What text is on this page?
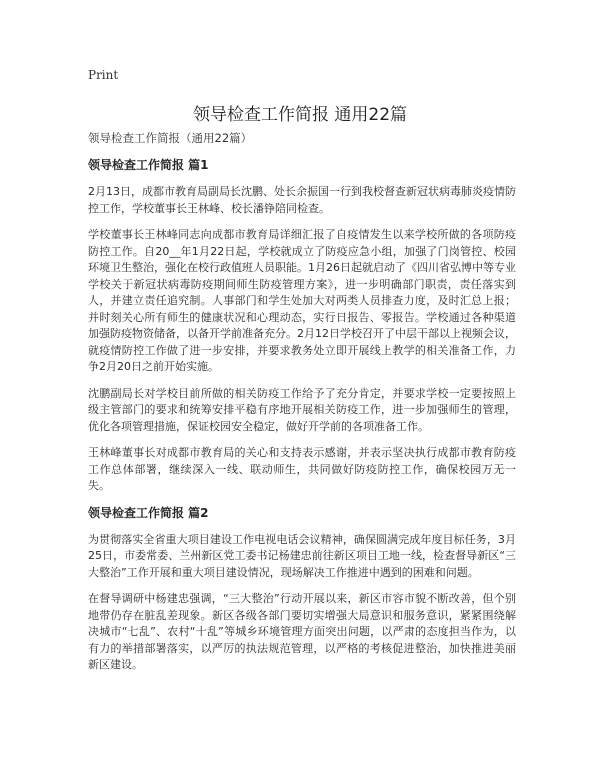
Print
领导检查工作简报 通用22篇

领导检查工作简报（通用22篇）

领导检查工作简报 篇1

2月13日，成都市教育局副局长沈鹏、处长余振国一行到我校督查新冠状病毒肺炎疫情防控工作，学校董事长王林峰、校长潘铮陪同检查。

学校董事长王林峰同志向成都市教育局详细汇报了自疫情发生以来学校所做的各项防疫防控工作。自20__年1月22日起，学校就成立了防疫应急小组，加强了门岗管控、校园环境卫生整治，强化在校行政值班人员职能。1月26日起就启动了《四川省弘博中等专业学校关于新冠状病毒防疫期间师生防疫管理方案》，进一步明确部门职责，责任落实到人，并建立责任追究制。人事部门和学生处加大对两类人员排查力度，及时汇总上报；并时刻关心所有师生的健康状况和心理动态，实行日报告、零报告。学校通过各种渠道加强防疫物资储备，以备开学前准备充分。2月12日学校召开了中层干部以上视频会议，就疫情防控工作做了进一步安排，并要求教务处立即开展线上教学的相关准备工作，力争2月20日之前开始实施。

沈鹏副局长对学校目前所做的相关防疫工作给予了充分肯定，并要求学校一定要按照上级主管部门的要求和统筹安排平稳有序地开展相关防疫工作，进一步加强师生的管理，优化各项管理措施，保证校园安全稳定，做好开学前的各项准备工作。

王林峰董事长对成都市教育局的关心和支持表示感谢，并表示坚决执行成都市教育防疫工作总体部署，继续深入一线、联动师生，共同做好防疫防控工作，确保校园万无一失。

领导检查工作简报 篇2

为贯彻落实全省重大项目建设工作电视电话会议精神，确保圆满完成年度目标任务，3月25日，市委常委、兰州新区党工委书记杨建忠前往新区项目工地一线，检查督导新区“三大整治”工作开展和重大项目建设情况，现场解决工作推进中遇到的困难和问题。

在督导调研中杨建忠强调，“三大整治”行动开展以来，新区市容市貌不断改善，但个别地带仍存在脏乱差现象。新区各级各部门要切实增强大局意识和服务意识，紧紧围绕解决城市“七乱”、农村“十乱”等城乡环境管理方面突出问题，以严肃的态度担当作为，以有力的举措部署落实，以严厉的执法规范管理，以严格的考核促进整治，加快推进美丽新区建设。
